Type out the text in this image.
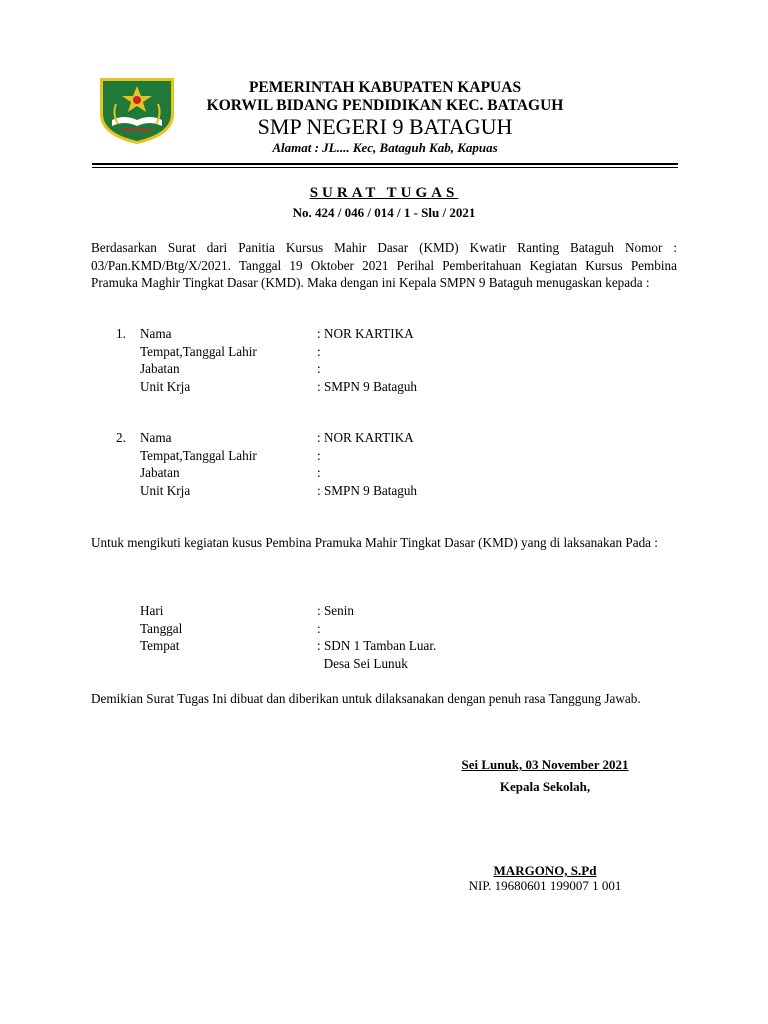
PEMERINTAH KABUPATEN KAPUAS
KORWIL BIDANG PENDIDIKAN KEC. BATAGUH
SMP NEGERI 9 BATAGUH
Alamat : JL.... Kec, Bataguh Kab, Kapuas
SURAT TUGAS
No. 424 / 046 / 014 / 1 - Slu / 2021
Berdasarkan Surat dari Panitia Kursus Mahir Dasar (KMD) Kwatir Ranting Bataguh Nomor : 03/Pan.KMD/Btg/X/2021. Tanggal 19 Oktober 2021 Perihal Pemberitahuan Kegiatan Kursus Pembina Pramuka Maghir Tingkat Dasar (KMD). Maka dengan ini Kepala SMPN 9 Bataguh menugaskan kepada :
1. Nama	: NOR KARTIKA
Tempat,Tanggal Lahir	:
Jabatan	:
Unit Krja	: SMPN 9 Bataguh
2. Nama	: NOR KARTIKA
Tempat,Tanggal Lahir	:
Jabatan	:
Unit Krja	: SMPN 9 Bataguh
Untuk mengikuti kegiatan kusus Pembina Pramuka Mahir Tingkat Dasar (KMD) yang di laksanakan Pada :
Hari	: Senin
Tanggal	:
Tempat	: SDN 1 Tamban Luar.
Desa Sei Lunuk
Demikian Surat Tugas Ini dibuat dan diberikan untuk dilaksanakan dengan penuh rasa Tanggung Jawab.
Sei Lunuk, 03 November 2021
Kepala Sekolah,
MARGONO, S.Pd
NIP. 19680601 199007 1 001
